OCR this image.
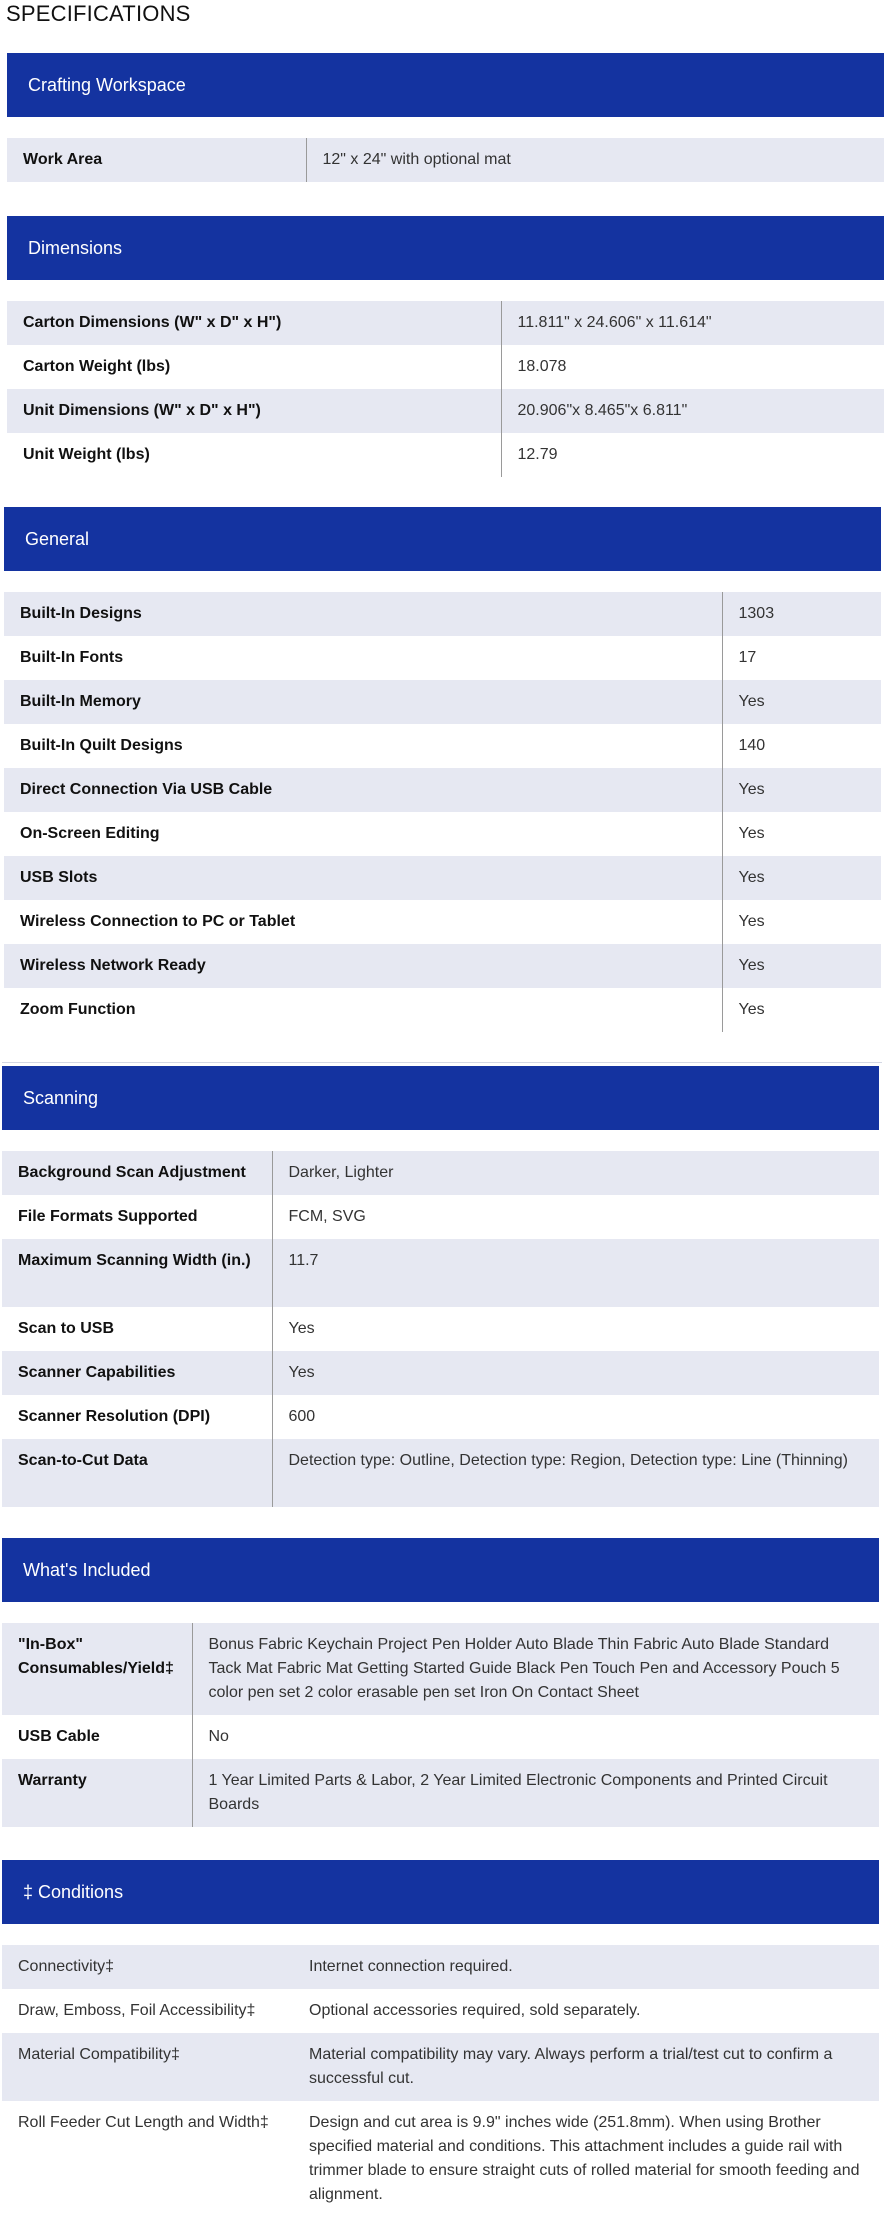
SPECIFICATIONS
Crafting Workspace
Work Area	12" x 24" with optional mat
Dimensions
Carton Dimensions (W" x D" x H")	11.811" x 24.606" x 11.614"
Carton Weight (lbs)	18.078
Unit Dimensions (W" x D" x H")	20.906"x 8.465"x 6.811"
Unit Weight (lbs)	12.79
General
Built-In Designs	1303
Built-In Fonts	17
Built-In Memory	Yes
Built-In Quilt Designs	140
Direct Connection Via USB Cable	Yes
On-Screen Editing	Yes
USB Slots	Yes
Wireless Connection to PC or Tablet	Yes
Wireless Network Ready	Yes
Zoom Function	Yes
Scanning
Background Scan Adjustment	Darker, Lighter
File Formats Supported	FCM, SVG
Maximum Scanning Width (in.)	11.7
Scan to USB	Yes
Scanner Capabilities	Yes
Scanner Resolution (DPI)	600
Scan-to-Cut Data	Detection type: Outline, Detection type: Region, Detection type: Line (Thinning)
What's Included
"In-Box" Consumables/Yield‡	Bonus Fabric Keychain Project Pen Holder Auto Blade Thin Fabric Auto Blade Standard Tack Mat Fabric Mat Getting Started Guide Black Pen Touch Pen and Accessory Pouch 5 color pen set 2 color erasable pen set Iron On Contact Sheet
USB Cable	No
Warranty	1 Year Limited Parts & Labor, 2 Year Limited Electronic Components and Printed Circuit Boards
‡ Conditions
Connectivity‡	Internet connection required.
Draw, Emboss, Foil Accessibility‡	Optional accessories required, sold separately.
Material Compatibility‡	Material compatibility may vary. Always perform a trial/test cut to confirm a successful cut.
Roll Feeder Cut Length and Width‡	Design and cut area is 9.9" inches wide (251.8mm). When using Brother specified material and conditions. This attachment includes a guide rail with trimmer blade to ensure straight cuts of rolled material for smooth feeding and alignment.
